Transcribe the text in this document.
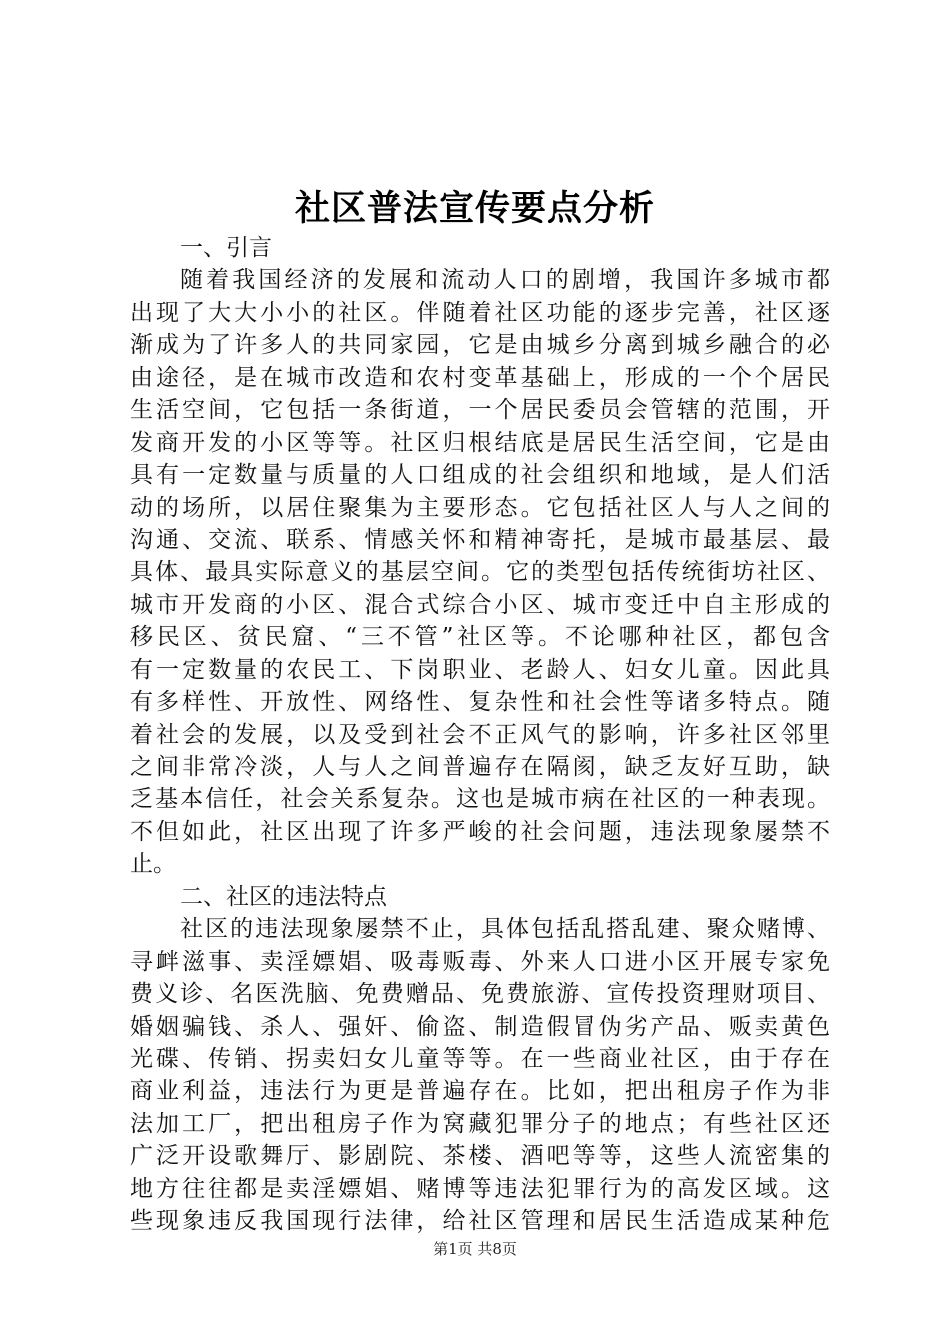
社区普法宣传要点分析
一、引言
随着我国经济的发展和流动人口的剧增，我国许多城市都
出现了大大小小的社区。伴随着社区功能的逐步完善，社区逐
渐成为了许多人的共同家园，它是由城乡分离到城乡融合的必
由途径，是在城市改造和农村变革基础上，形成的一个个居民
生活空间，它包括一条街道，一个居民委员会管辖的范围，开
发商开发的小区等等。社区归根结底是居民生活空间，它是由
具有一定数量与质量的人口组成的社会组织和地域，是人们活
动的场所，以居住聚集为主要形态。它包括社区人与人之间的
沟通、交流、联系、情感关怀和精神寄托，是城市最基层、最
具体、最具实际意义的基层空间。它的类型包括传统街坊社区、
城市开发商的小区、混合式综合小区、城市变迁中自主形成的
移民区、贫民窟、“三不管”社区等。不论哪种社区，都包含
有一定数量的农民工、下岗职业、老龄人、妇女儿童。因此具
有多样性、开放性、网络性、复杂性和社会性等诸多特点。随
着社会的发展，以及受到社会不正风气的影响，许多社区邻里
之间非常冷淡，人与人之间普遍存在隔阂，缺乏友好互助，缺
乏基本信任，社会关系复杂。这也是城市病在社区的一种表现。
不但如此，社区出现了许多严峻的社会问题，违法现象屡禁不
止。
二、社区的违法特点
社区的违法现象屡禁不止，具体包括乱搭乱建、聚众赌博、
寻衅滋事、卖淫嫖娼、吸毒贩毒、外来人口进小区开展专家免
费义诊、名医洗脑、免费赠品、免费旅游、宣传投资理财项目、
婚姻骗钱、杀人、强奸、偷盗、制造假冒伪劣产品、贩卖黄色
光碟、传销、拐卖妇女儿童等等。在一些商业社区，由于存在
商业利益，违法行为更是普遍存在。比如，把出租房子作为非
法加工厂，把出租房子作为窝藏犯罪分子的地点；有些社区还
广泛开设歌舞厅、影剧院、茶楼、酒吧等等，这些人流密集的
地方往往都是卖淫嫖娼、赌博等违法犯罪行为的高发区域。这
些现象违反我国现行法律，给社区管理和居民生活造成某种危
第1页 共8页
